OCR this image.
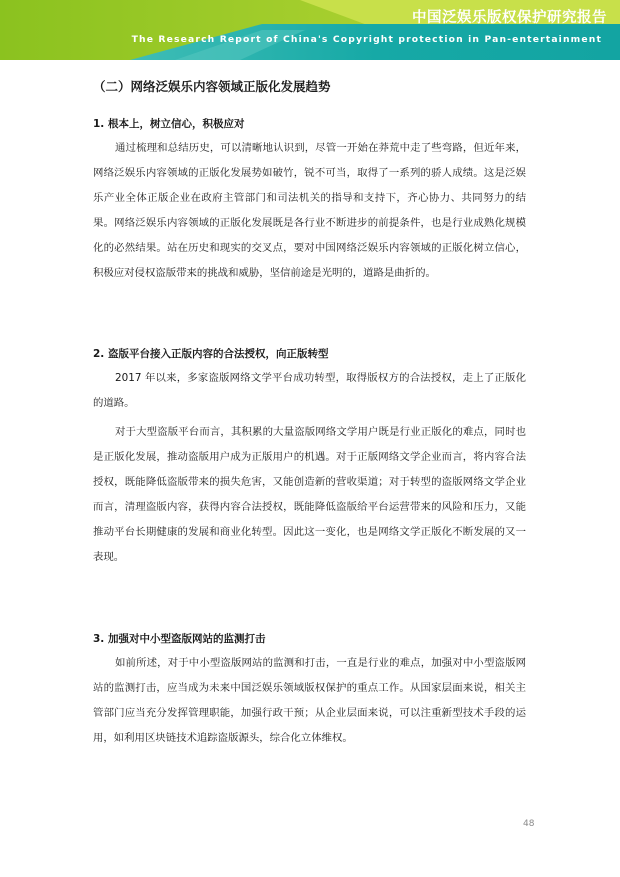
中国泛娱乐版权保护研究报告
The Research Report of China's Copyright protection in Pan-entertainment
（二）网络泛娱乐内容领域正版化发展趋势
1. 根本上，树立信心，积极应对

通过梳理和总结历史，可以清晰地认识到，尽管一开始在莽荒中走了些弯路，但近年来，网络泛娱乐内容领域的正版化发展势如破竹，锐不可当，取得了一系列的骄人成绩。这是泛娱乐产业全体正版企业在政府主管部门和司法机关的指导和支持下，齐心协力、共同努力的结果。网络泛娱乐内容领域的正版化发展既是各行业不断进步的前提条件，也是行业成熟化规模化的必然结果。站在历史和现实的交叉点，要对中国网络泛娱乐内容领域的正版化树立信心，积极应对侵权盗版带来的挑战和威胁，坚信前途是光明的，道路是曲折的。

2. 盗版平台接入正版内容的合法授权，向正版转型

2017 年以来，多家盗版网络文学平台成功转型，取得版权方的合法授权，走上了正版化的道路。

对于大型盗版平台而言，其积累的大量盗版网络文学用户既是行业正版化的难点，同时也是正版化发展，推动盗版用户成为正版用户的机遇。对于正版网络文学企业而言，将内容合法授权，既能降低盗版带来的损失危害，又能创造新的营收渠道；对于转型的盗版网络文学企业而言，清理盗版内容，获得内容合法授权，既能降低盗版给平台运营带来的风险和压力，又能推动平台长期健康的发展和商业化转型。因此这一变化，也是网络文学正版化不断发展的又一表现。

3. 加强对中小型盗版网站的监测打击

如前所述，对于中小型盗版网站的监测和打击，一直是行业的难点，加强对中小型盗版网站的监测打击，应当成为未来中国泛娱乐领域版权保护的重点工作。从国家层面来说，相关主管部门应当充分发挥管理职能，加强行政干预；从企业层面来说，可以注重新型技术手段的运用，如利用区块链技术追踪盗版源头，综合化立体维权。

48
